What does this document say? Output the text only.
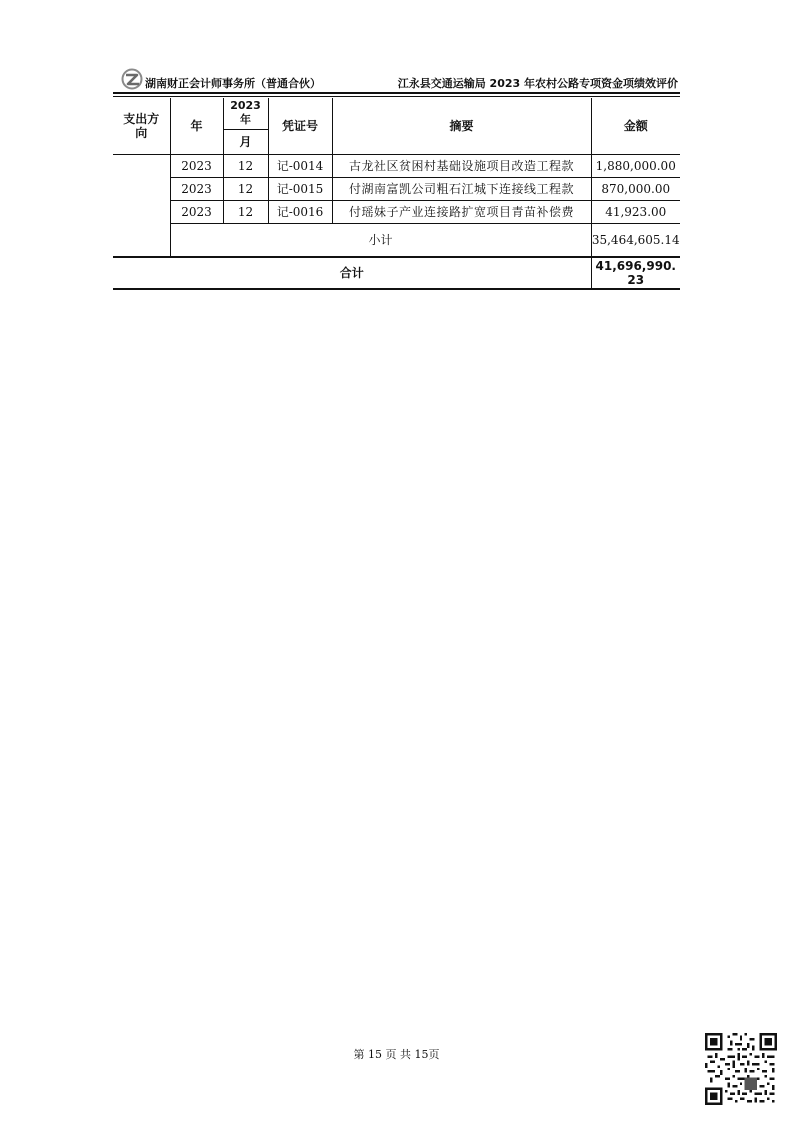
湖南财正会计师事务所（普通合伙）	江永县交通运输局 2023 年农村公路专项资金项绩效评价
支出方向	年	2023 年	凭证号	摘要	金额
		月			
	2023	12	记-0014	古龙社区贫困村基础设施项目改造工程款	1,880,000.00
	2023	12	记-0015	付湖南富凯公司粗石江城下连接线工程款	870,000.00
	2023	12	记-0016	付瑶妹子产业连接路扩宽项目青苗补偿费	41,923.00
	小计				35,464,605.14
合计					41,696,990.23
第 15 页 共 15页
